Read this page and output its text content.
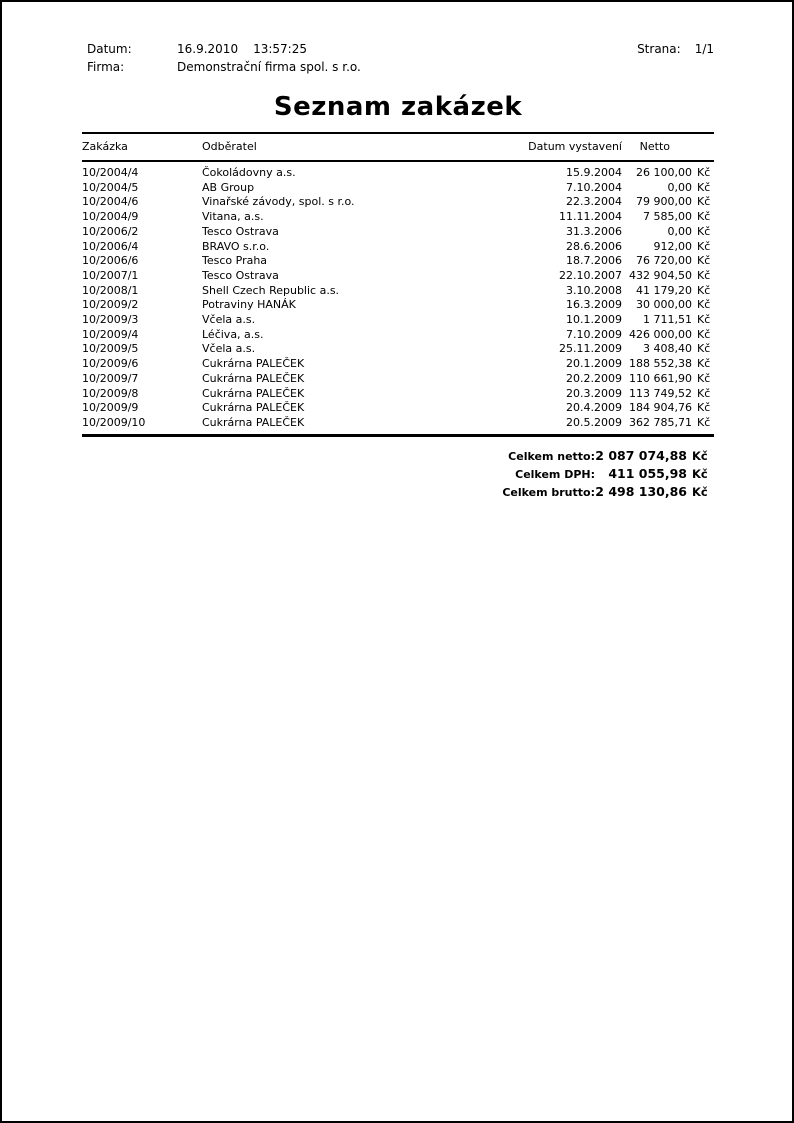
Datum:	16.9.2010 13:57:25
Firma:	Demonstrační firma spol. s r.o.
Strana: 1/1
Seznam zakázek
Zakázka	Odběratel	Datum vystavení	Netto	
10/2004/4	Čokoládovny a.s.	15.9.2004	26 100,00	Kč
10/2004/5	AB Group	7.10.2004	0,00	Kč
10/2004/6	Vinařské závody, spol. s r.o.	22.3.2004	79 900,00	Kč
10/2004/9	Vitana, a.s.	11.11.2004	7 585,00	Kč
10/2006/2	Tesco Ostrava	31.3.2006	0,00	Kč
10/2006/4	BRAVO s.r.o.	28.6.2006	912,00	Kč
10/2006/6	Tesco Praha	18.7.2006	76 720,00	Kč
10/2007/1	Tesco Ostrava	22.10.2007	432 904,50	Kč
10/2008/1	Shell Czech Republic a.s.	3.10.2008	41 179,20	Kč
10/2009/2	Potraviny HANÁK	16.3.2009	30 000,00	Kč
10/2009/3	Včela a.s.	10.1.2009	1 711,51	Kč
10/2009/4	Léčiva, a.s.	7.10.2009	426 000,00	Kč
10/2009/5	Včela a.s.	25.11.2009	3 408,40	Kč
10/2009/6	Cukrárna PALEČEK	20.1.2009	188 552,38	Kč
10/2009/7	Cukrárna PALEČEK	20.2.2009	110 661,90	Kč
10/2009/8	Cukrárna PALEČEK	20.3.2009	113 749,52	Kč
10/2009/9	Cukrárna PALEČEK	20.4.2009	184 904,76	Kč
10/2009/10	Cukrárna PALEČEK	20.5.2009	362 785,71	Kč
Celkem netto: 2 087 074,88 Kč
Celkem DPH:	411 055,98 Kč
Celkem brutto: 2 498 130,86 Kč
